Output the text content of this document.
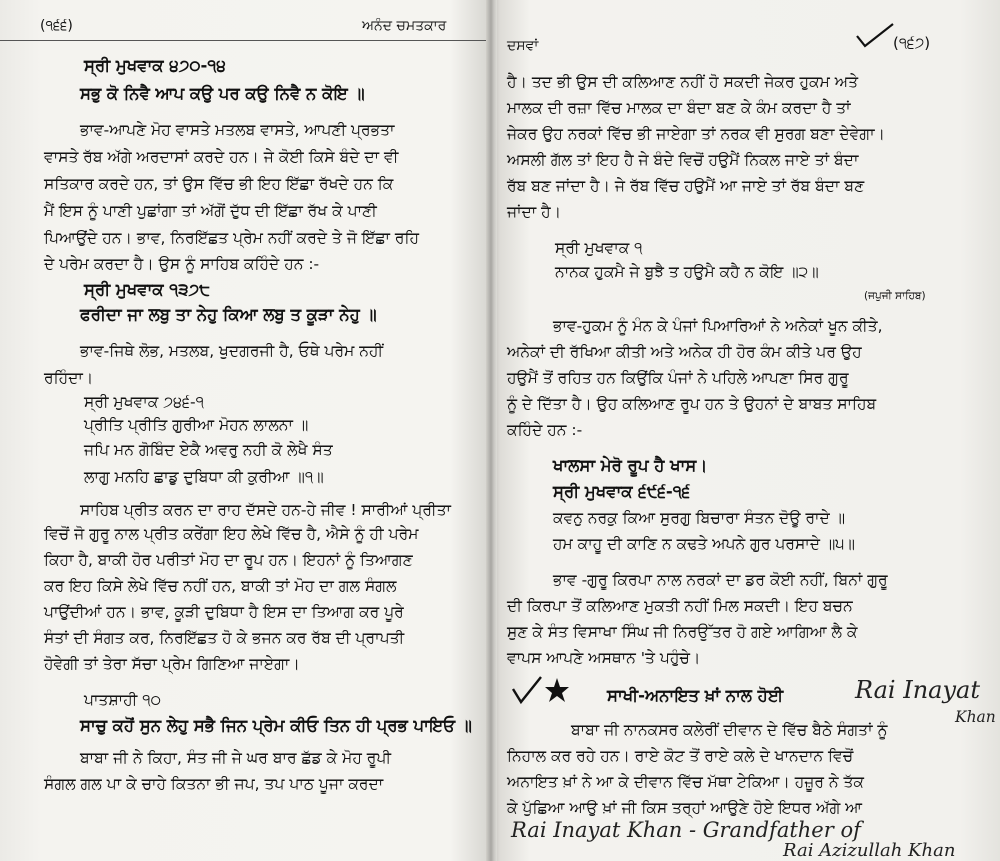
(੧੬੬)	ਅਨੰਦ ਚਮਤਕਾਰ
ਸ੍ਰੀ ਮੁਖਵਾਕ ੪੭੦-੧੪
ਸਭੁ ਕੋ ਨਿਵੈ ਆਪ ਕਉ ਪਰ ਕਉ ਨਿਵੈ ਨ ਕੋਇ ॥
ਭਾਵ-ਆਪਣੇ ਮੋਹ ਵਾਸਤੇ ਮਤਲਬ ਵਾਸਤੇ, ਆਪਣੀ ਪ੍ਰਭਤਾ
ਵਾਸਤੇ ਰੱਬ ਅੱਗੇ ਅਰਦਾਸਾਂ ਕਰਦੇ ਹਨ। ਜੇ ਕੋਈ ਕਿਸੇ ਬੰਦੇ ਦਾ ਵੀ
ਸਤਿਕਾਰ ਕਰਦੇ ਹਨ, ਤਾਂ ਉਸ ਵਿੱਚ ਭੀ ਇਹ ਇੱਛਾ ਰੱਖਦੇ ਹਨ ਕਿ
ਮੈਂ ਇਸ ਨੂੰ ਪਾਣੀ ਪੁਛਾਂਗਾ ਤਾਂ ਅੱਗੋਂ ਦੁੱਧ ਦੀ ਇੱਛਾ ਰੱਖ ਕੇ ਪਾਣੀ
ਪਿਆਉਂਦੇ ਹਨ। ਭਾਵ, ਨਿਰਇੱਛਤ ਪ੍ਰੇਮ ਨਹੀਂ ਕਰਦੇ ਤੇ ਜੋ ਇੱਛਾ ਰਹਿ
ਦੇ ਪਰੇਮ ਕਰਦਾ ਹੈ। ਉਸ ਨੂੰ ਸਾਹਿਬ ਕਹਿੰਦੇ ਹਨ :-
ਸ੍ਰੀ ਮੁਖਵਾਕ ੧੩੭੮
ਫਰੀਦਾ ਜਾ ਲਬੁ ਤਾ ਨੇਹੁ ਕਿਆ ਲਬੁ ਤ ਕੂੜਾ ਨੇਹੁ ॥
ਭਾਵ-ਜਿਥੇ ਲੋਭ, ਮਤਲਬ, ਖੁਦਗਰਜੀ ਹੈ, ਓਥੇ ਪਰੇਮ ਨਹੀਂ
ਰਹਿੰਦਾ।
ਸ੍ਰੀ ਮੁਖਵਾਕ ੭੪੬-੧
ਪ੍ਰੀਤਿ ਪ੍ਰੀਤਿ ਗੁਰੀਆ ਮੋਹਨ ਲਾਲਨਾ ॥
ਜਪਿ ਮਨ ਗੋਬਿੰਦ ਏਕੈ ਅਵਰੁ ਨਹੀ ਕੋ ਲੇਖੈ ਸੰਤ
ਲਾਗੁ ਮਨਹਿ ਛਾਡੁ ਦੁਬਿਧਾ ਕੀ ਕੁਰੀਆ ॥੧॥
ਸਾਹਿਬ ਪ੍ਰੀਤ ਕਰਨ ਦਾ ਰਾਹ ਦੱਸਦੇ ਹਨ-ਹੇ ਜੀਵ ! ਸਾਰੀਆਂ ਪ੍ਰੀਤਾ
ਵਿਚੋਂ ਜੋ ਗੁਰੂ ਨਾਲ ਪ੍ਰੀਤ ਕਰੇਂਗਾ ਇਹ ਲੇਖੇ ਵਿੱਚ ਹੈ, ਐਸੇ ਨੂੰ ਹੀ ਪਰੇਮ
ਕਿਹਾ ਹੈ, ਬਾਕੀ ਹੋਰ ਪਰੀਤਾਂ ਮੋਹ ਦਾ ਰੂਪ ਹਨ। ਇਹਨਾਂ ਨੂੰ ਤਿਆਗਣ
ਕਰ ਇਹ ਕਿਸੇ ਲੇਖੇ ਵਿੱਚ ਨਹੀਂ ਹਨ, ਬਾਕੀ ਤਾਂ ਮੋਹ ਦਾ ਗਲ ਸੰਗਲ
ਪਾਉਂਦੀਆਂ ਹਨ। ਭਾਵ, ਕੂੜੀ ਦੁਬਿਧਾ ਹੈ ਇਸ ਦਾ ਤਿਆਗ ਕਰ ਪੂਰੇ
ਸੰਤਾਂ ਦੀ ਸੰਗਤ ਕਰ, ਨਿਰਇੱਛਤ ਹੋ ਕੇ ਭਜਨ ਕਰ ਰੱਬ ਦੀ ਪ੍ਰਾਪਤੀ
ਹੋਵੇਗੀ ਤਾਂ ਤੇਰਾ ਸੱਚਾ ਪ੍ਰੇਮ ਗਿਣਿਆ ਜਾਏਗਾ।
ਪਾਤਸ਼ਾਹੀ ੧੦
ਸਾਚੁ ਕਹੋਂ ਸੁਨ ਲੇਹੁ ਸਭੈ ਜਿਨ ਪ੍ਰੇਮ ਕੀਓ ਤਿਨ ਹੀ ਪ੍ਰਭ ਪਾਇਓ ॥
ਬਾਬਾ ਜੀ ਨੇ ਕਿਹਾ, ਸੰਤ ਜੀ ਜੇ ਘਰ ਬਾਰ ਛੱਡ ਕੇ ਮੋਹ ਰੂਪੀ
ਸੰਗਲ ਗਲ ਪਾ ਕੇ ਚਾਹੇ ਕਿਤਨਾ ਭੀ ਜਪ, ਤਪ ਪਾਠ ਪੂਜਾ ਕਰਦਾ
ਦਸਵਾਂ	(੧੬੭)
ਹੈ। ਤਦ ਭੀ ਉਸ ਦੀ ਕਲਿਆਣ ਨਹੀਂ ਹੋ ਸਕਦੀ ਜੇਕਰ ਹੁਕਮ ਅਤੇ
ਮਾਲਕ ਦੀ ਰਜ਼ਾ ਵਿੱਚ ਮਾਲਕ ਦਾ ਬੰਦਾ ਬਣ ਕੇ ਕੰਮ ਕਰਦਾ ਹੈ ਤਾਂ
ਜੇਕਰ ਉਹ ਨਰਕਾਂ ਵਿੱਚ ਭੀ ਜਾਏਗਾ ਤਾਂ ਨਰਕ ਵੀ ਸੁਰਗ ਬਣਾ ਦੇਵੇਗਾ।
ਅਸਲੀ ਗੱਲ ਤਾਂ ਇਹ ਹੈ ਜੇ ਬੰਦੇ ਵਿਚੋਂ ਹਉਮੈਂ ਨਿਕਲ ਜਾਏ ਤਾਂ ਬੰਦਾ
ਰੱਬ ਬਣ ਜਾਂਦਾ ਹੈ। ਜੇ ਰੱਬ ਵਿੱਚ ਹਉਮੈਂ ਆ ਜਾਏ ਤਾਂ ਰੱਬ ਬੰਦਾ ਬਣ
ਜਾਂਦਾ ਹੈ।
ਸ੍ਰੀ ਮੁਖਵਾਕ ੧
ਨਾਨਕ ਹੁਕਮੈ ਜੇ ਬੁਝੈ ਤ ਹਉਮੈ ਕਹੈ ਨ ਕੋਇ ॥੨॥
ਭਾਵ-ਹੁਕਮ ਨੂੰ ਮੰਨ ਕੇ ਪੰਜਾਂ ਪਿਆਰਿਆਂ ਨੇ ਅਨੇਕਾਂ ਖੂਨ ਕੀਤੇ,
ਅਨੇਕਾਂ ਦੀ ਰੱਖਿਆ ਕੀਤੀ ਅਤੇ ਅਨੇਕ ਹੀ ਹੋਰ ਕੰਮ ਕੀਤੇ ਪਰ ਉਹ
ਹਉਮੈਂ ਤੋਂ ਰਹਿਤ ਹਨ ਕਿਉਂਕਿ ਪੰਜਾਂ ਨੇ ਪਹਿਲੇ ਆਪਣਾ ਸਿਰ ਗੁਰੂ
ਨੂੰ ਦੇ ਦਿੱਤਾ ਹੈ। ਉਹ ਕਲਿਆਣ ਰੂਪ ਹਨ ਤੇ ਉਹਨਾਂ ਦੇ ਬਾਬਤ ਸਾਹਿਬ
ਕਹਿੰਦੇ ਹਨ :-
ਖਾਲਸਾ ਮੇਰੋ ਰੂਪ ਹੈ ਖਾਸ।
ਸ੍ਰੀ ਮੁਖਵਾਕ ੬੯੬-੧੬
ਕਵਨੁ ਨਰਕੁ ਕਿਆ ਸੁਰਗੁ ਬਿਚਾਰਾ ਸੰਤਨ ਦੋਊ ਰਾਦੇ ॥
ਹਮ ਕਾਹੂ ਦੀ ਕਾਣਿ ਨ ਕਢਤੇ ਅਪਨੇ ਗੁਰ ਪਰਸਾਦੇ ॥੫॥
ਭਾਵ -ਗੁਰੂ ਕਿਰਪਾ ਨਾਲ ਨਰਕਾਂ ਦਾ ਡਰ ਕੋਈ ਨਹੀਂ, ਬਿਨਾਂ ਗੁਰੂ
ਦੀ ਕਿਰਪਾ ਤੋਂ ਕਲਿਆਣ ਮੁਕਤੀ ਨਹੀਂ ਮਿਲ ਸਕਦੀ। ਇਹ ਬਚਨ
ਸੁਣ ਕੇ ਸੰਤ ਵਿਸਾਖਾ ਸਿੰਘ ਜੀ ਨਿਰਉੱਤਰ ਹੋ ਗਏ ਆਗਿਆ ਲੈ ਕੇ
ਵਾਪਸ ਆਪਣੇ ਅਸਥਾਨ 'ਤੇ ਪਹੁੰਚੇ।
ਸਾਖੀ-ਅਨਾਇਤ ਖ਼ਾਂ ਨਾਲ ਹੋਈ
ਬਾਬਾ ਜੀ ਨਾਨਕਸਰ ਕਲੇਰੀਂ ਦੀਵਾਨ ਦੇ ਵਿੱਚ ਬੈਠੇ ਸੰਗਤਾਂ ਨੂੰ
ਨਿਹਾਲ ਕਰ ਰਹੇ ਹਨ। ਰਾਏ ਕੋਟ ਤੋਂ ਰਾਏ ਕਲੇ ਦੇ ਖਾਨਦਾਨ ਵਿਚੋਂ
ਅਨਾਇਤ ਖ਼ਾਂ ਨੇ ਆ ਕੇ ਦੀਵਾਨ ਵਿੱਚ ਮੱਥਾ ਟੇਕਿਆ। ਹਜ਼ੂਰ ਨੇ ਤੱਕ
ਕੇ ਪੁੱਛਿਆ ਆਉ ਖ਼ਾਂ ਜੀ ਕਿਸ ਤਰ੍ਹਾਂ ਆਉਣੇ ਹੋਏ ਇਧਰ ਅੱਗੇ ਆ
(ਜਪੁਜੀ ਸਾਹਿਬ)
Rai Inayat
Khan
Rai Inayat Khan - Grandfather of
Rai Azizullah Khan
